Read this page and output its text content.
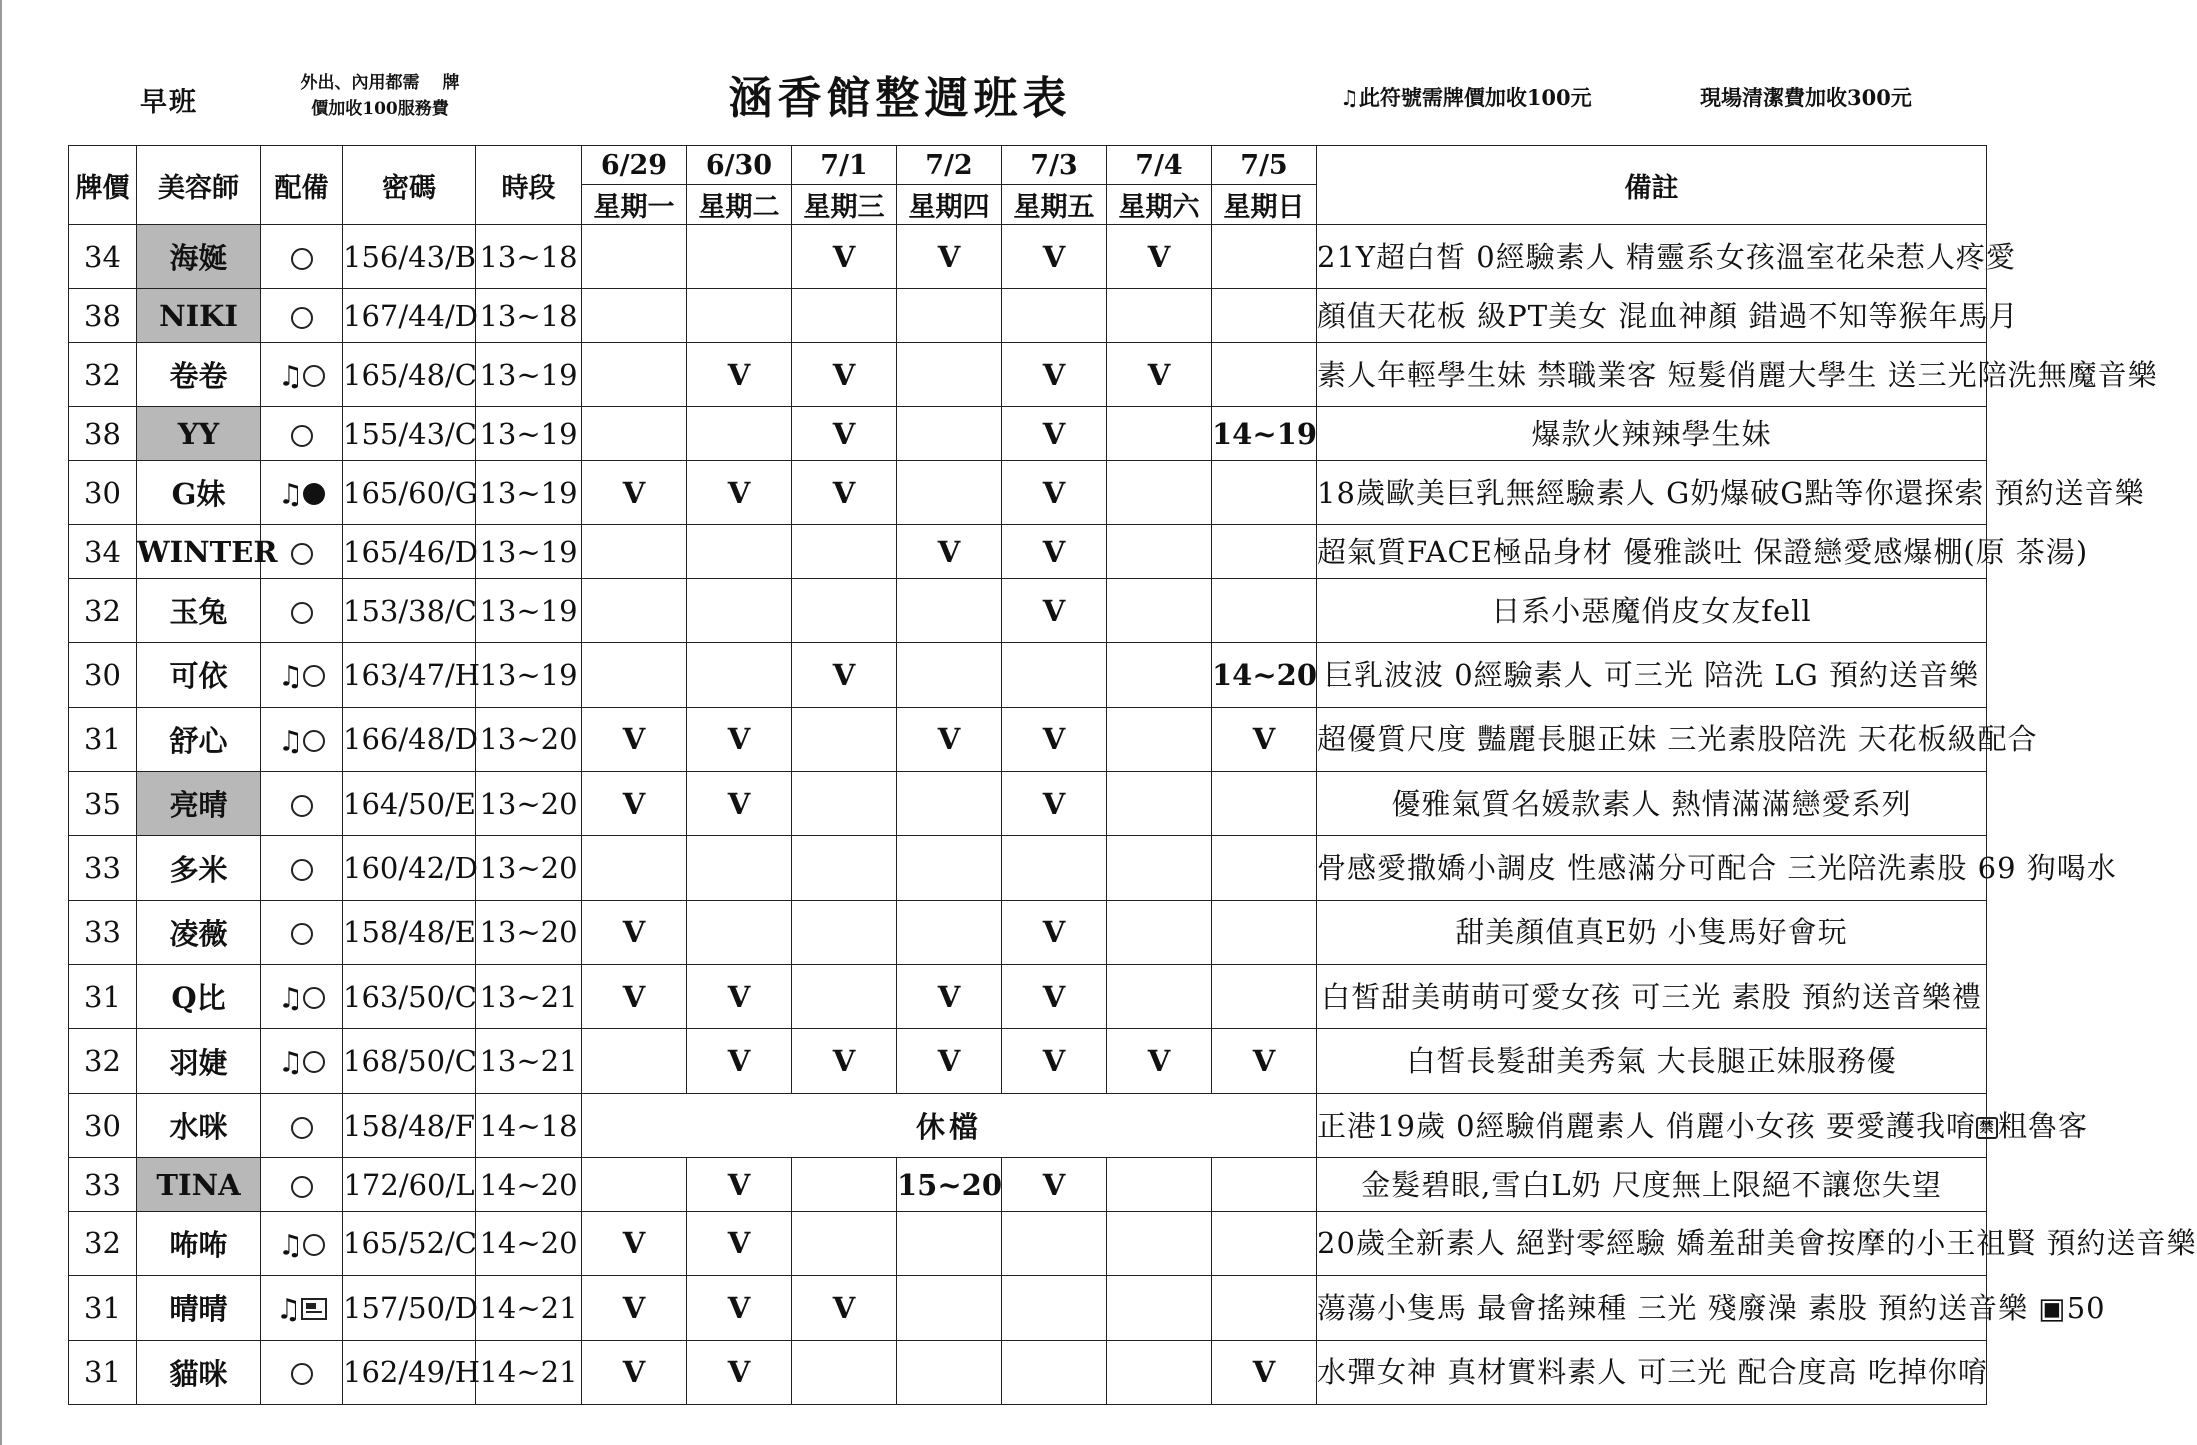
早班
外出、內用都需　 牌
價加收100服務費	涵香館整週班表	♫此符號需牌價加收100元	現場清潔費加收300元
牌價	美容師	配備	密碼	時段	6/29	6/30	7/1	7/2	7/3	7/4	7/5	備註
					星期一	星期二	星期三	星期四	星期五	星期六	星期日	
34	海娫		156/43/B	13~18			V	V	V	V		21Y超白皙 0經驗素人 精靈系女孩溫室花朵惹人疼愛
38	NIKI		167/44/D	13~18								顏值天花板 級PT美女 混血神顏 錯過不知等猴年馬月
32	卷卷	♫	165/48/C	13~19		V	V		V	V		素人年輕學生妹 禁職業客 短髮俏麗大學生 送三光陪洗無魔音樂
38	YY		155/43/C	13~19			V		V		14~19	爆款火辣辣學生妹
30	G妹	♫	165/60/G	13~19	V	V	V		V			18歲歐美巨乳無經驗素人 G奶爆破G點等你還探索 預約送音樂
34	WINTER		165/46/D	13~19				V	V			超氣質FACE極品身材 優雅談吐 保證戀愛感爆棚(原 茶湯)
32	玉兔		153/38/C	13~19					V			日系小惡魔俏皮女友fell
30	可依	♫	163/47/H	13~19			V				14~20	巨乳波波 0經驗素人 可三光 陪洗 LG 預約送音樂
31	舒心	♫	166/48/D	13~20	V	V		V	V		V	超優質尺度 豔麗長腿正妹 三光素股陪洗 天花板級配合
35	亮晴		164/50/E	13~20	V	V			V			優雅氣質名媛款素人 熱情滿滿戀愛系列
33	多米		160/42/D	13~20								骨感愛撒嬌小調皮 性感滿分可配合 三光陪洗素股 69 狗喝水
33	凌薇		158/48/E	13~20	V				V			甜美顏值真E奶 小隻馬好會玩
31	Q比	♫	163/50/C	13~21	V	V		V	V			白皙甜美萌萌可愛女孩 可三光 素股 預約送音樂禮
32	羽婕	♫	168/50/C	13~21		V	V	V	V	V	V	白皙長髮甜美秀氣 大長腿正妹服務優
30	水咪		158/48/F	14~18	休檔							正港19歲 0經驗俏麗素人 俏麗小女孩 要愛護我唷 禁 粗魯客
33	TINA		172/60/L	14~20		V		15~20	V			金髮碧眼,雪白L奶 尺度無上限絕不讓您失望
32	咘咘	♫	165/52/C	14~20	V	V						20歲全新素人 絕對零經驗 嬌羞甜美會按摩的小王祖賢 預約送音樂
31	晴晴	♫	157/50/D	14~21	V	V	V					蕩蕩小隻馬 最會搖辣種 三光 殘廢澡 素股 預約送音樂 ▣50
31	貓咪		162/49/H	14~21	V	V					V	水彈女神 真材實料素人 可三光 配合度高 吃掉你唷
